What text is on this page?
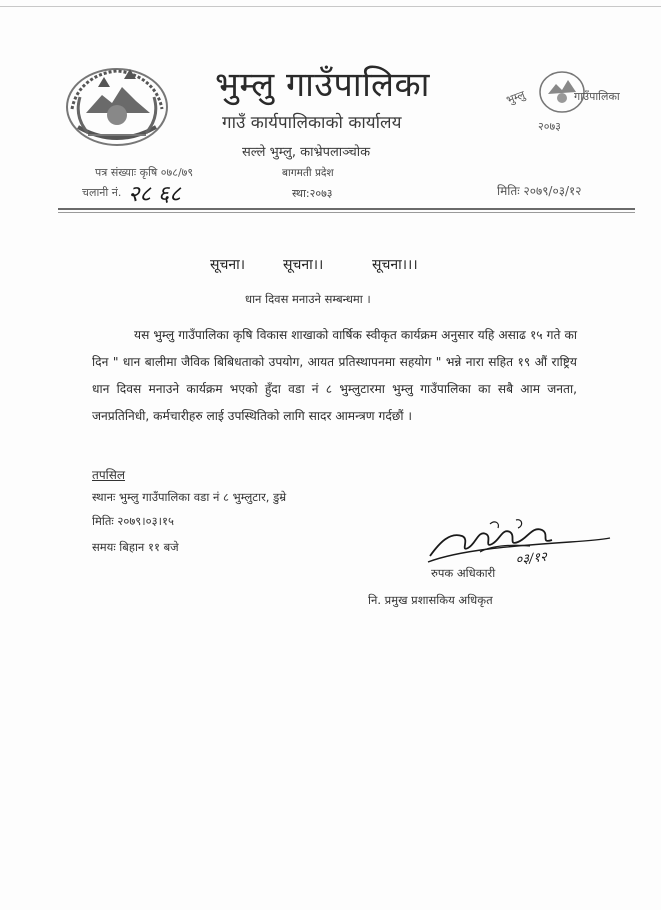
भुम्लु गाउँपालिका
गाउँ कार्यपालिकाको कार्यालय
सल्ले भुम्लु, काभ्रेपलाञ्चोक
बागमती प्रदेश
स्था:२०७३
भुम्लु	गाउँपालिका
२०७३
पत्र संख्याः कृषि ०७८/७९
चलानी नं. २८ ६८	मितिः २०७९/०३/१२
सूचना।	सूचना।।	सूचना।।।
धान दिवस मनाउने सम्बन्धमा ।
यस भुम्लु गाउँपालिका कृषि विकास शाखाको वार्षिक स्वीकृत कार्यक्रम अनुसार यहि असाढ १५ गते का दिन " धान बालीमा जैविक बिबिधताको उपयोग, आयत प्रतिस्थापनमा सहयोग " भन्ने नारा सहित १९ औं राष्ट्रिय धान दिवस मनाउने कार्यक्रम भएको हुँदा वडा नं ८ भुम्लुटारमा भुम्लु गाउँपालिका का सबै आम जनता, जनप्रतिनिधी, कर्मचारीहरु लाई उपस्थितिको लागि सादर आमन्त्रण गर्दछौं ।
तपसिल
स्थानः भुम्लु गाउँपालिका वडा नं ८ भुम्लुटार, डुम्रे
मितिः २०७९।०३।१५
समयः बिहान ११ बजे
०३/१२
रुपक अधिकारी
नि. प्रमुख प्रशासकिय अधिकृत
